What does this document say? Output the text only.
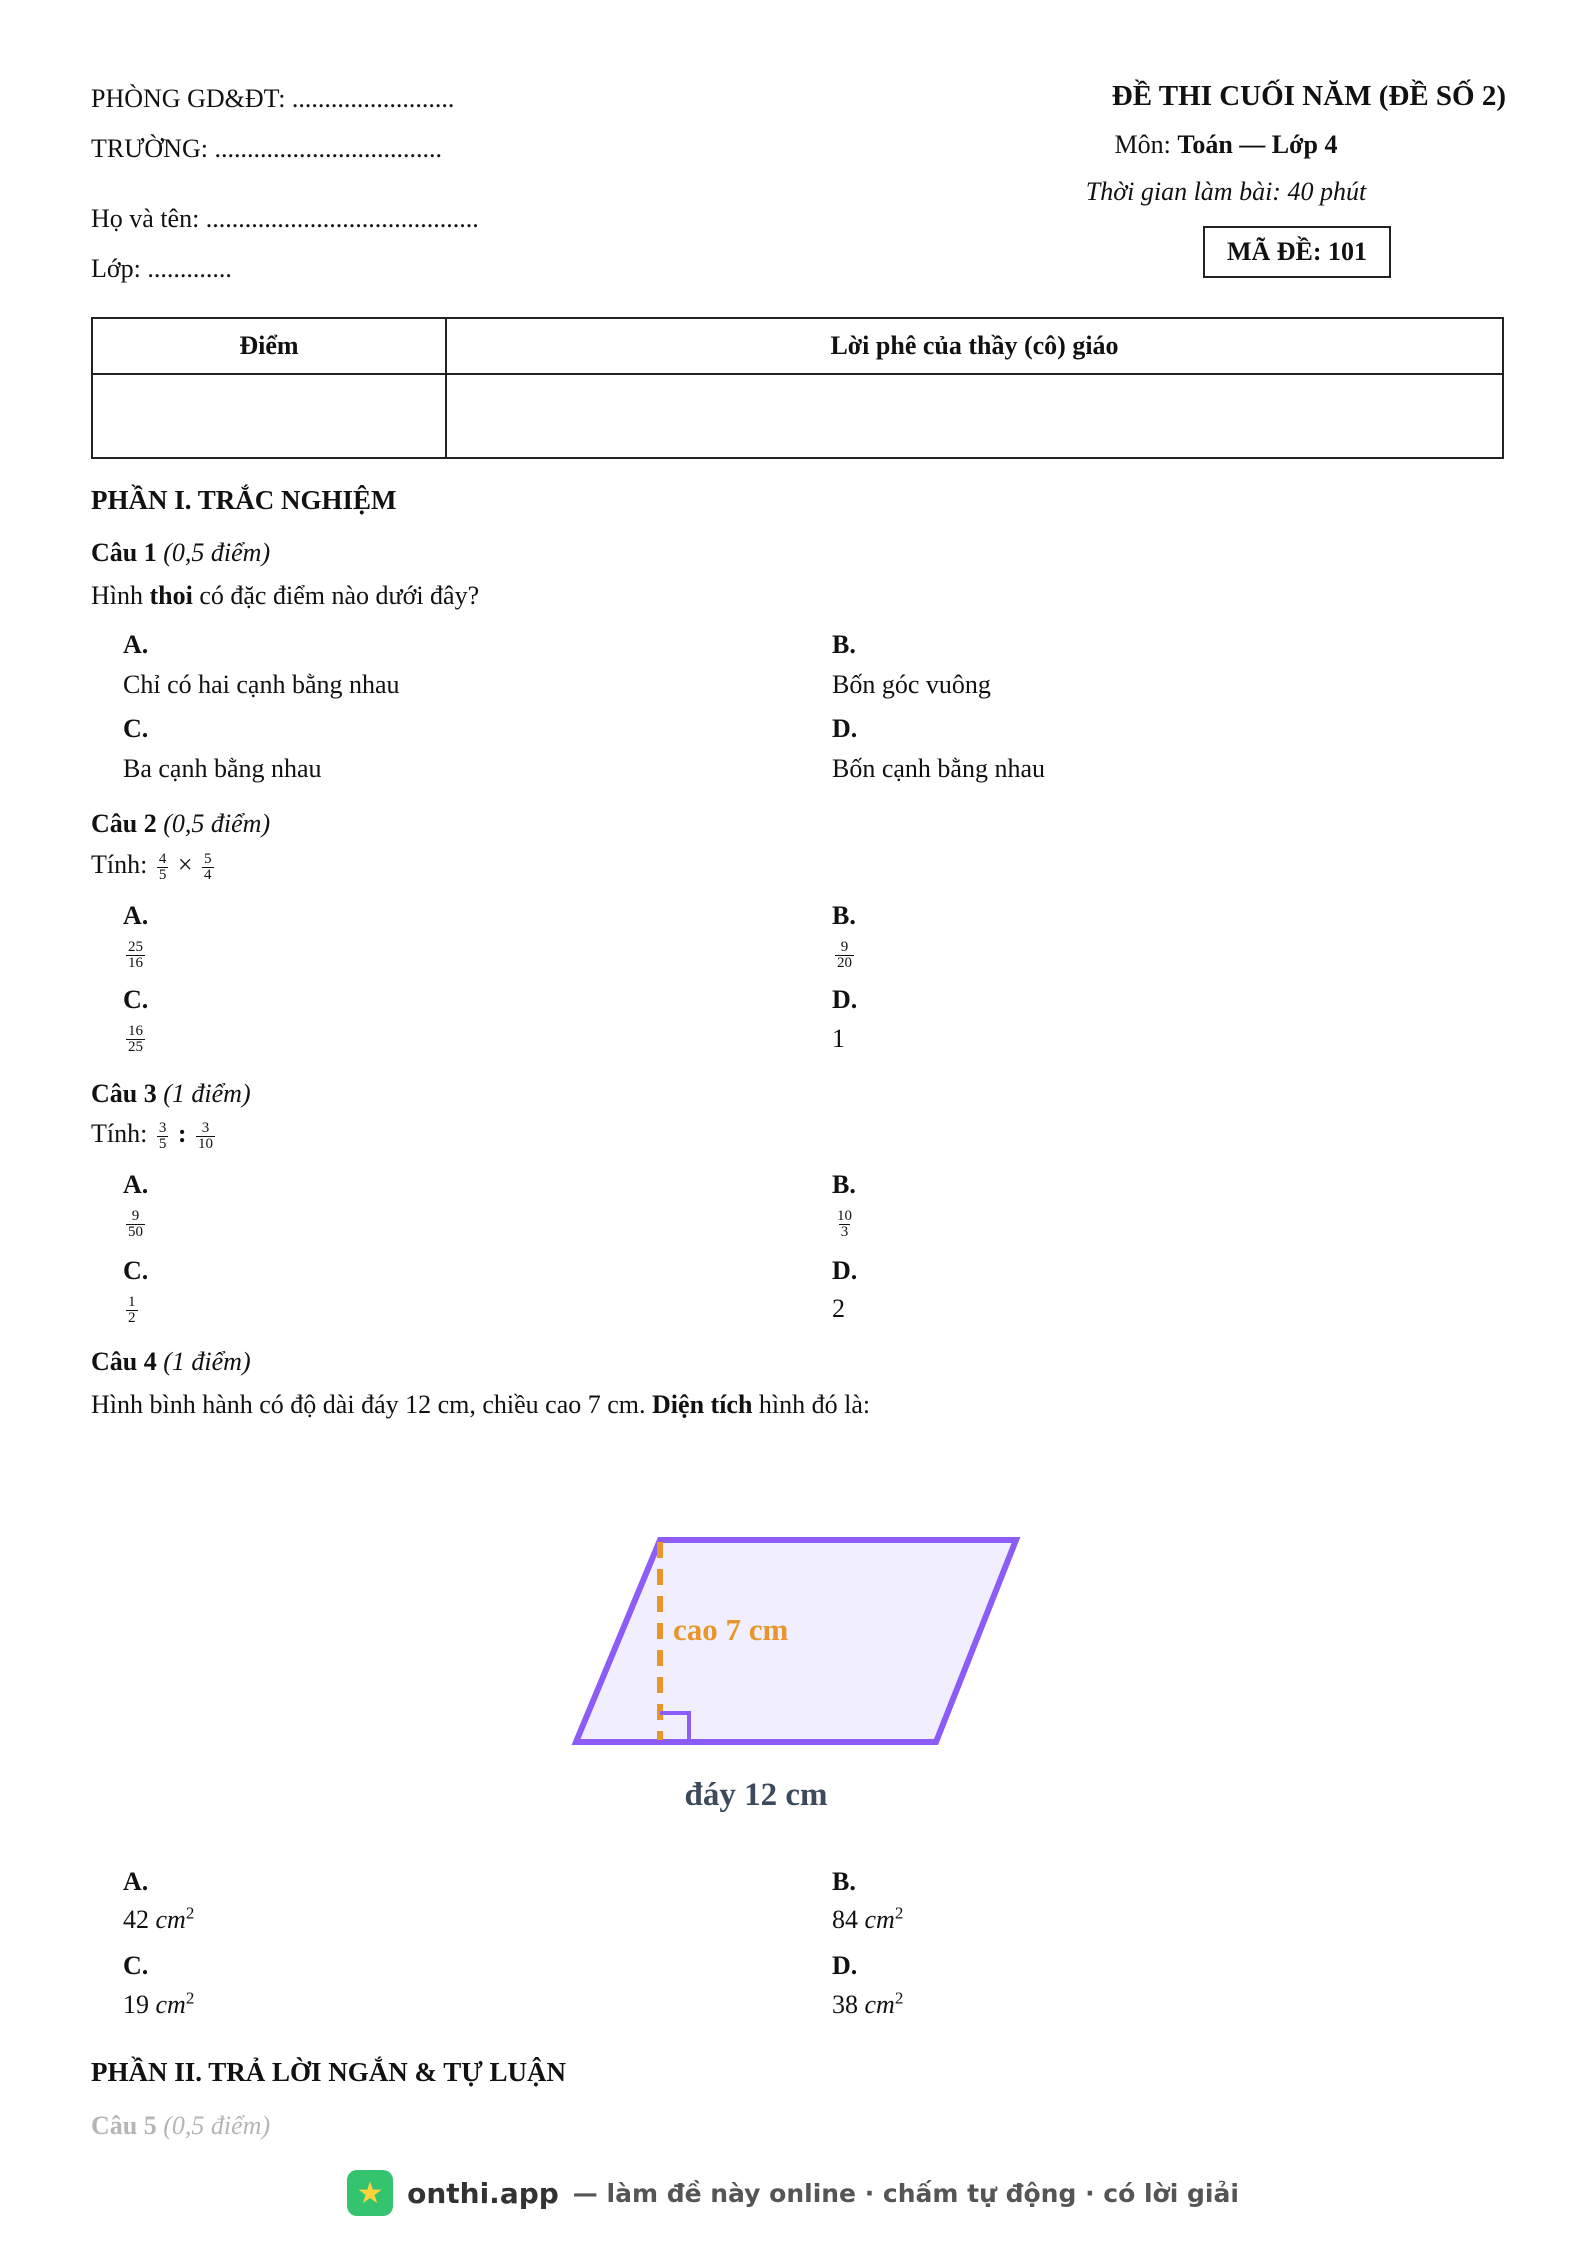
PHÒNG GD&ĐT: .........................
TRƯỜNG: ...................................
Họ và tên: ..........................................
Lớp: .............
ĐỀ THI CUỐI NĂM (ĐỀ SỐ 2)
Môn: Toán — Lớp 4
Thời gian làm bài: 40 phút
MÃ ĐỀ: 101
Điểm	Lời phê của thầy (cô) giáo

PHẦN I. TRẮC NGHIỆM
Câu 1 (0,5 điểm)
Hình thoi có đặc điểm nào dưới đây?
A.
Chỉ có hai cạnh bằng nhau
B.
Bốn góc vuông
C.
Ba cạnh bằng nhau
D.
Bốn cạnh bằng nhau
Câu 2 (0,5 điểm)
Tính: $\frac{4}{5} \times \frac{5}{4}$
A.
$\frac{25}{16}$
B.
$\frac{9}{20}$
C.
$\frac{16}{25}$
D.
1
Câu 3 (1 điểm)
Tính: $\frac{3}{5}$ : $\frac{3}{10}$
A.
$\frac{9}{50}$
B.
$\frac{10}{3}$
C.
$\frac{1}{2}$
D.
2
Câu 4 (1 điểm)
Hình bình hành có độ dài đáy 12 cm, chiều cao 7 cm. Diện tích hình đó là:
cao 7 cm
đáy 12 cm
A.
42 $cm^2$
B.
84 $cm^2$
C.
19 $cm^2$
D.
38 $cm^2$
PHẦN II. TRẢ LỜI NGẮN & TỰ LUẬN
Câu 5 (0,5 điểm)
★ onthi.app — làm đề này online · chấm tự động · có lời giải
